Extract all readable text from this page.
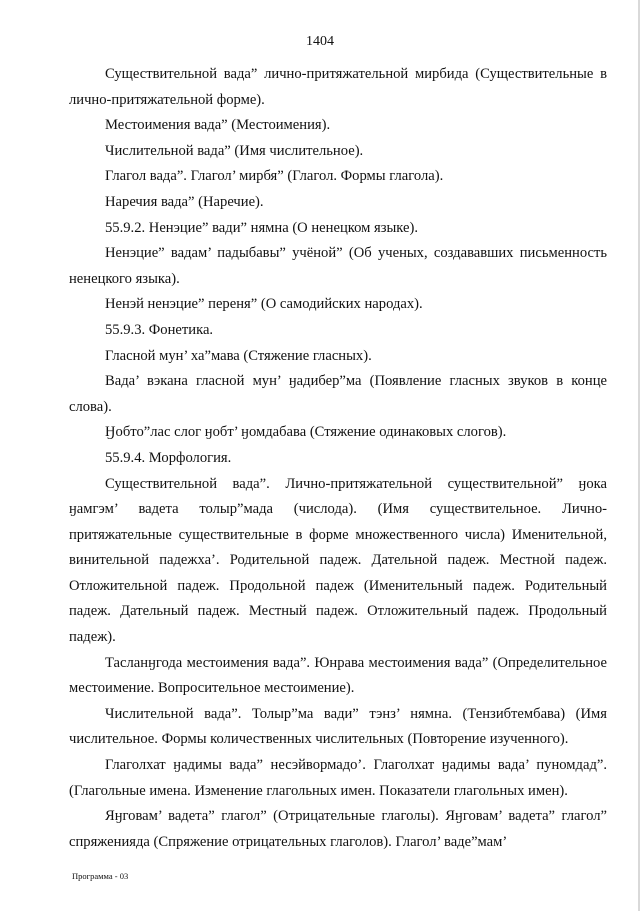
1404

Существительной вада” лично-притяжательной мирбида (Существительные в лично-притяжательной форме).

Местоимения вада” (Местоимения).

Числительной вада” (Имя числительное).

Глагол вада”. Глагол’ мирбя” (Глагол. Формы глагола).

Наречия вада” (Наречие).

55.9.2. Ненэцие” вади” нямна (О ненецком языке).

Ненэцие” вадам’ падыбавы” учёной” (Об ученых, создававших письменность ненецкого языка).

Ненэй ненэцие” переня” (О самодийских народах).

55.9.3. Фонетика.

Гласной мун’ ха”мава (Стяжение гласных).

Вада’ вэкана гласной мун’ ӈадибер”ма (Появление гласных звуков в конце слова).

Ӈобто”лас слог ӈобт’ ӈомдабава (Стяжение одинаковых слогов).

55.9.4. Морфология.

Существительной вада”. Лично-притяжательной существительной” ӈока ӈамгэм’ вадета толыр”мада (числода). (Имя существительное. Лично-притяжательные существительные в форме множественного числа) Именительной, винительной падежха’. Родительной падеж. Дательной падеж. Местной падеж. Отложительной падеж. Продольной падеж (Именительный падеж. Родительный падеж. Дательный падеж. Местный падеж. Отложительный падеж. Продольный падеж).

Тасланӈгода местоимения вада”. Юнрава местоимения вада” (Определительное местоимение. Вопросительное местоимение).

Числительной вада”. Толыр”ма вади” тэнз’ нямна. (Тензибтембава) (Имя числительное. Формы количественных числительных (Повторение изученного).

Глаголхат ӈадимы вада” несэйвормадо’. Глаголхат ӈадимы вада’ пуномдад”. (Глагольные имена. Изменение глагольных имен. Показатели глагольных имен).

Яӈговам’ вадета” глагол” (Отрицательные глаголы). Яӈговам’ вадета” глагол” спряженияда (Спряжение отрицательных глаголов). Глагол’ ваде”мам’

Программа - 03
